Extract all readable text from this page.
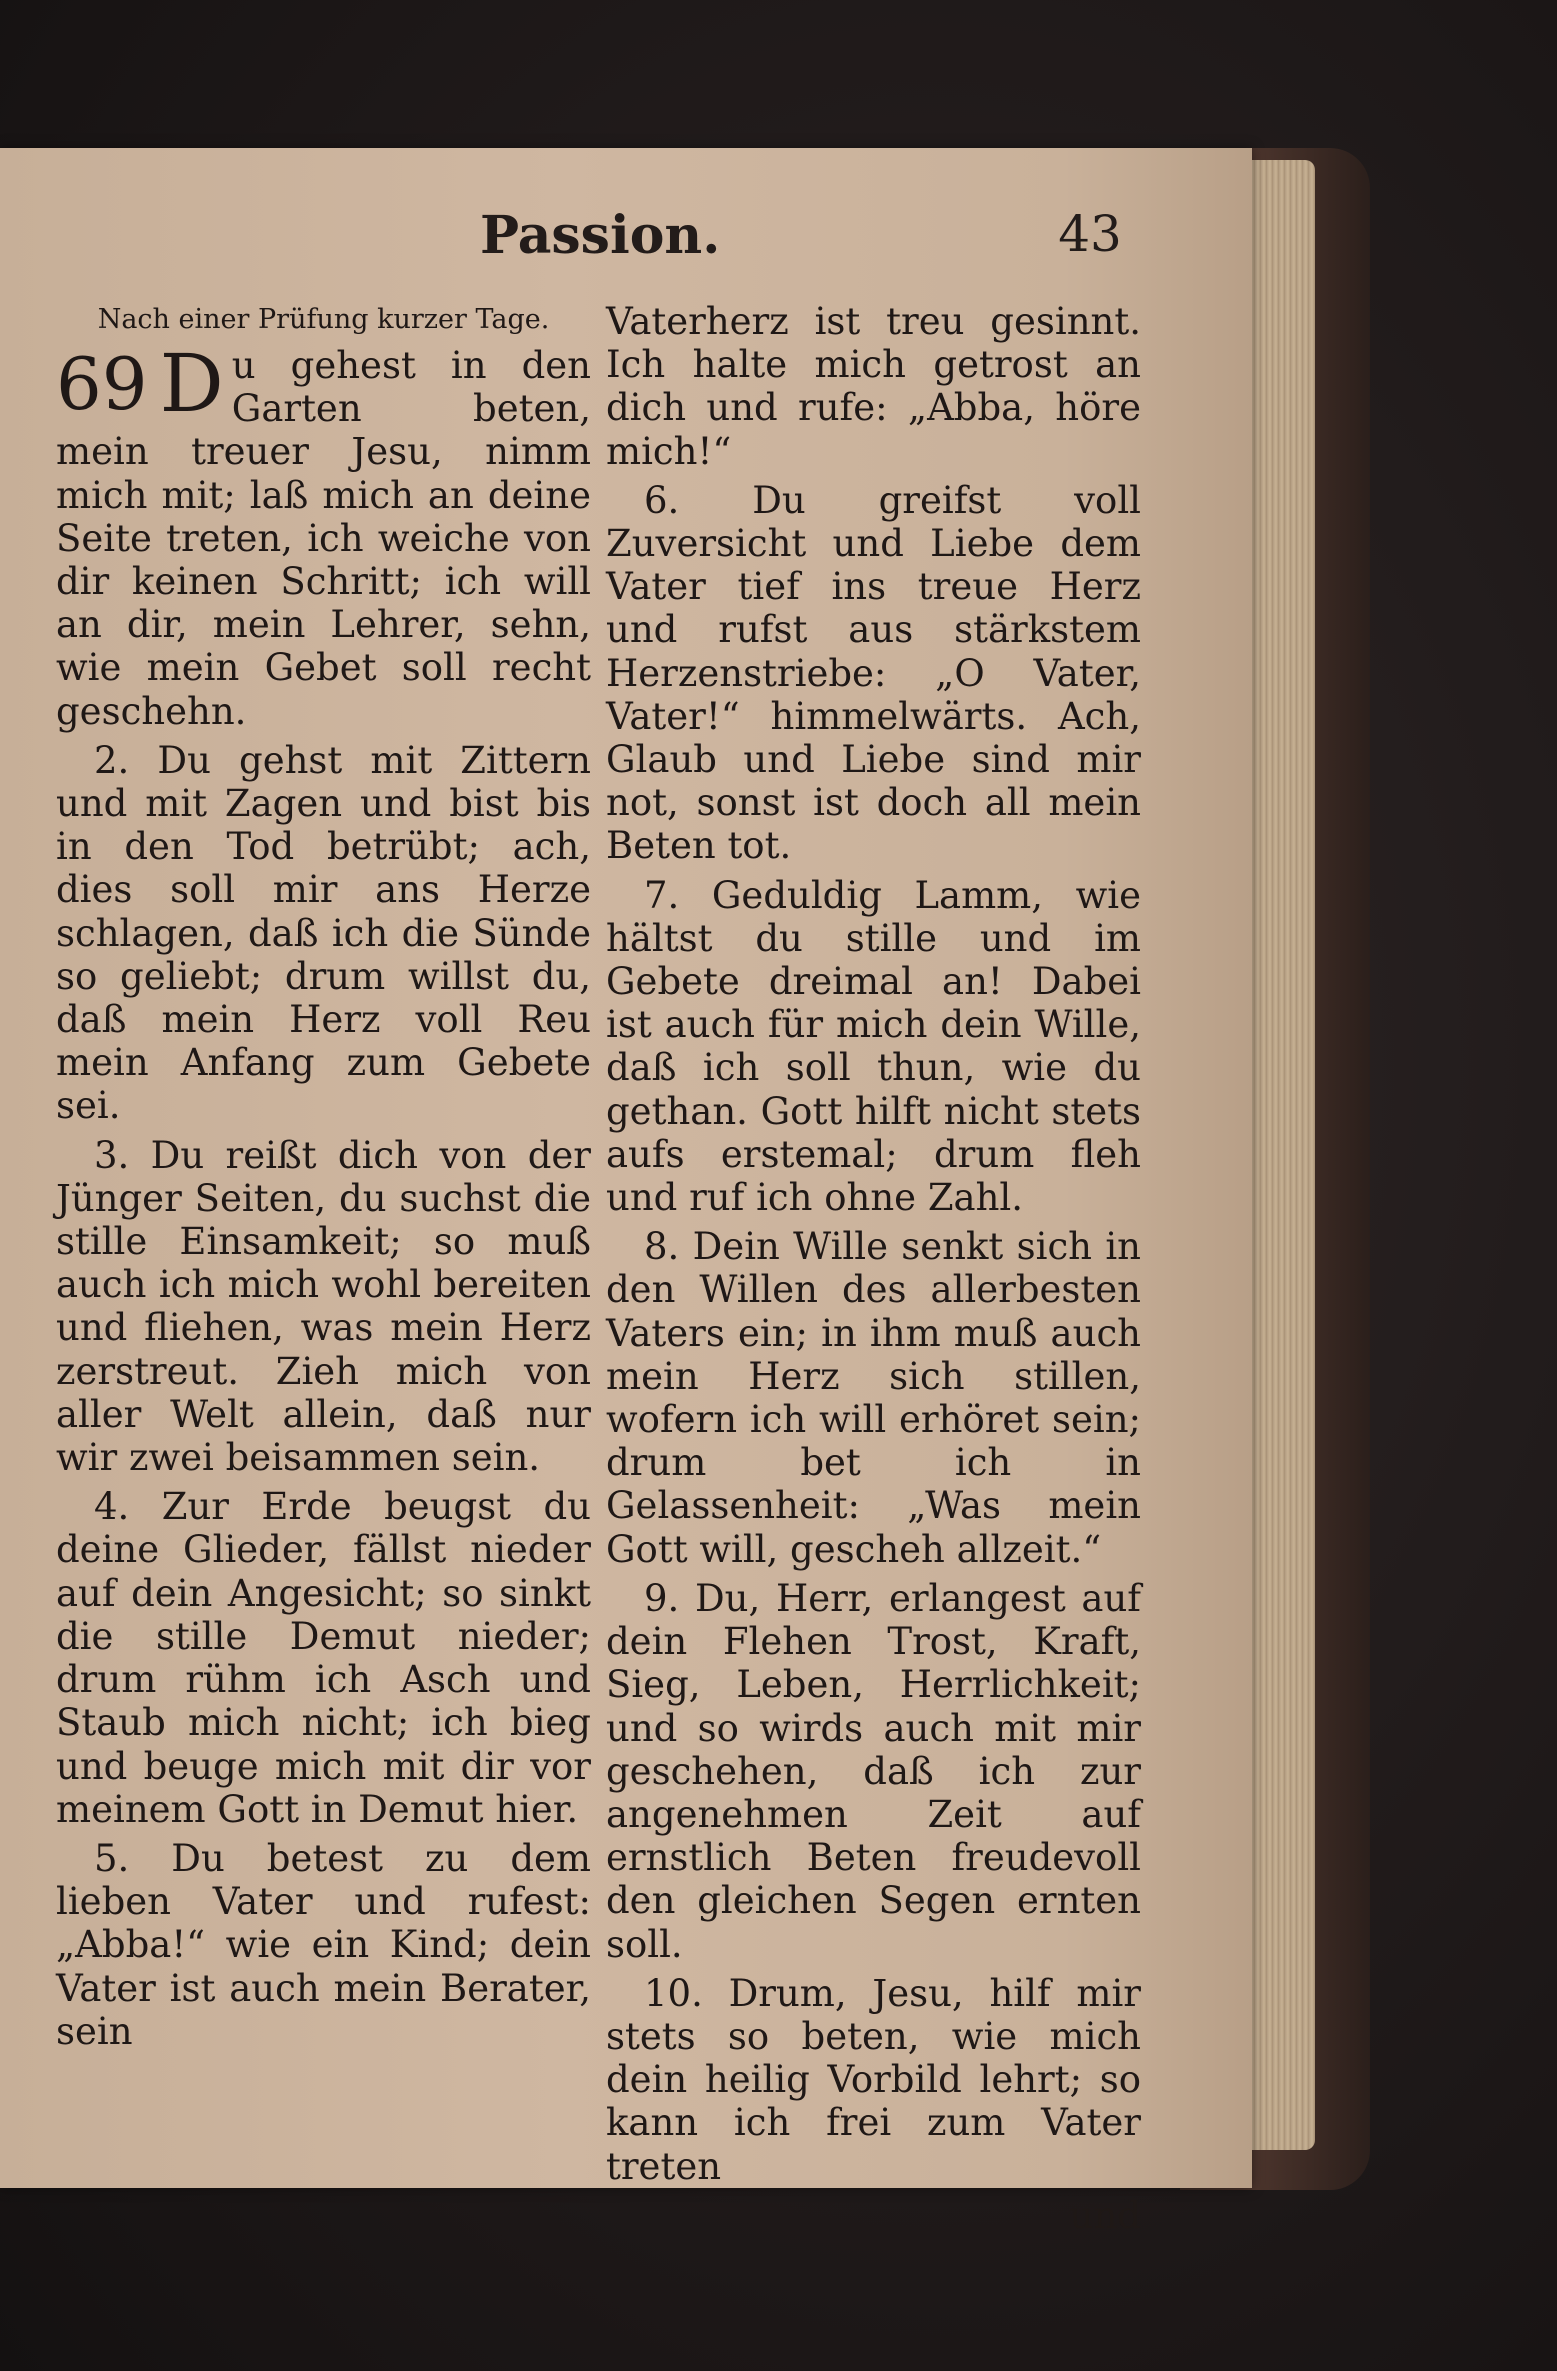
Passion.	43
Nach einer Prüfung kurzer Tage.
69 D u gehest in den Garten beten, mein treuer Jesu, nimm mich mit; laß mich an deine Seite treten, ich weiche von dir keinen Schritt; ich will an dir, mein Lehrer, sehn, wie mein Gebet soll recht geschehn.
2. Du gehst mit Zittern und mit Zagen und bist bis in den Tod betrübt; ach, dies soll mir ans Herze schlagen, daß ich die Sünde so geliebt; drum willst du, daß mein Herz voll Reu mein Anfang zum Gebete sei.
3. Du reißt dich von der Jünger Seiten, du suchst die stille Einsamkeit; so muß auch ich mich wohl bereiten und fliehen, was mein Herz zerstreut. Zieh mich von aller Welt allein, daß nur wir zwei beisammen sein.
4. Zur Erde beugst du deine Glieder, fällst nieder auf dein Angesicht; so sinkt die stille Demut nieder; drum rühm ich Asch und Staub mich nicht; ich bieg und beuge mich mit dir vor meinem Gott in Demut hier.
5. Du betest zu dem lieben Vater und rufest: „Abba!“ wie ein Kind; dein Vater ist auch mein Berater, sein
Vaterherz ist treu gesinnt. Ich halte mich getrost an dich und rufe: „Abba, höre mich!“
6. Du greifst voll Zuversicht und Liebe dem Vater tief ins treue Herz und rufst aus stärkstem Herzenstriebe: „O Vater, Vater!“ himmelwärts. Ach, Glaub und Liebe sind mir not, sonst ist doch all mein Beten tot.
7. Geduldig Lamm, wie hältst du stille und im Gebete dreimal an! Dabei ist auch für mich dein Wille, daß ich soll thun, wie du gethan. Gott hilft nicht stets aufs erstemal; drum fleh und ruf ich ohne Zahl.
8. Dein Wille senkt sich in den Willen des allerbesten Vaters ein; in ihm muß auch mein Herz sich stillen, wofern ich will erhöret sein; drum bet ich in Gelassenheit: „Was mein Gott will, gescheh allzeit.“
9. Du, Herr, erlangest auf dein Flehen Trost, Kraft, Sieg, Leben, Herrlichkeit; und so wirds auch mit mir geschehen, daß ich zur angenehmen Zeit auf ernstlich Beten freudevoll den gleichen Segen ernten soll.
10. Drum, Jesu, hilf mir stets so beten, wie mich dein heilig Vorbild lehrt; so kann ich frei zum Vater treten
und
